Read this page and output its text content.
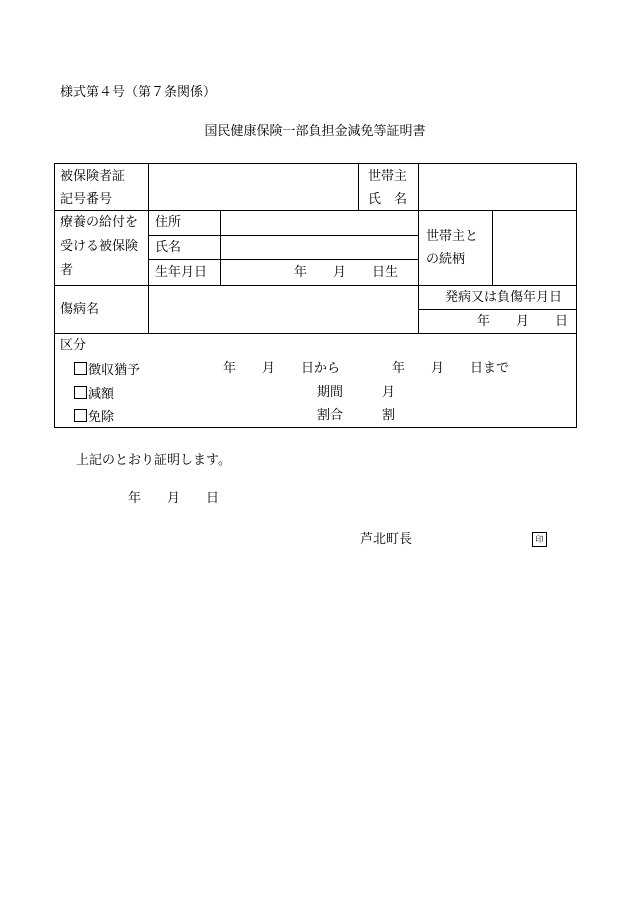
様式第４号（第７条関係）
国民健康保険一部負担金減免等証明書
被保険者証
記号番号
世帯主
氏　名
療養の給付を
受ける被保険
者
住所
氏名
生年月日	年　　月　　日生
世帯主と
の続柄
傷病名
発病又は負傷年月日
年　　月　　日
区分
徴収猶予
減額
免除
年　　月　　日から　　　　年　　月　　日まで
期間　　　月
割合　　　割
上記のとおり証明します。
年　　月　　日
芦北町長	印
